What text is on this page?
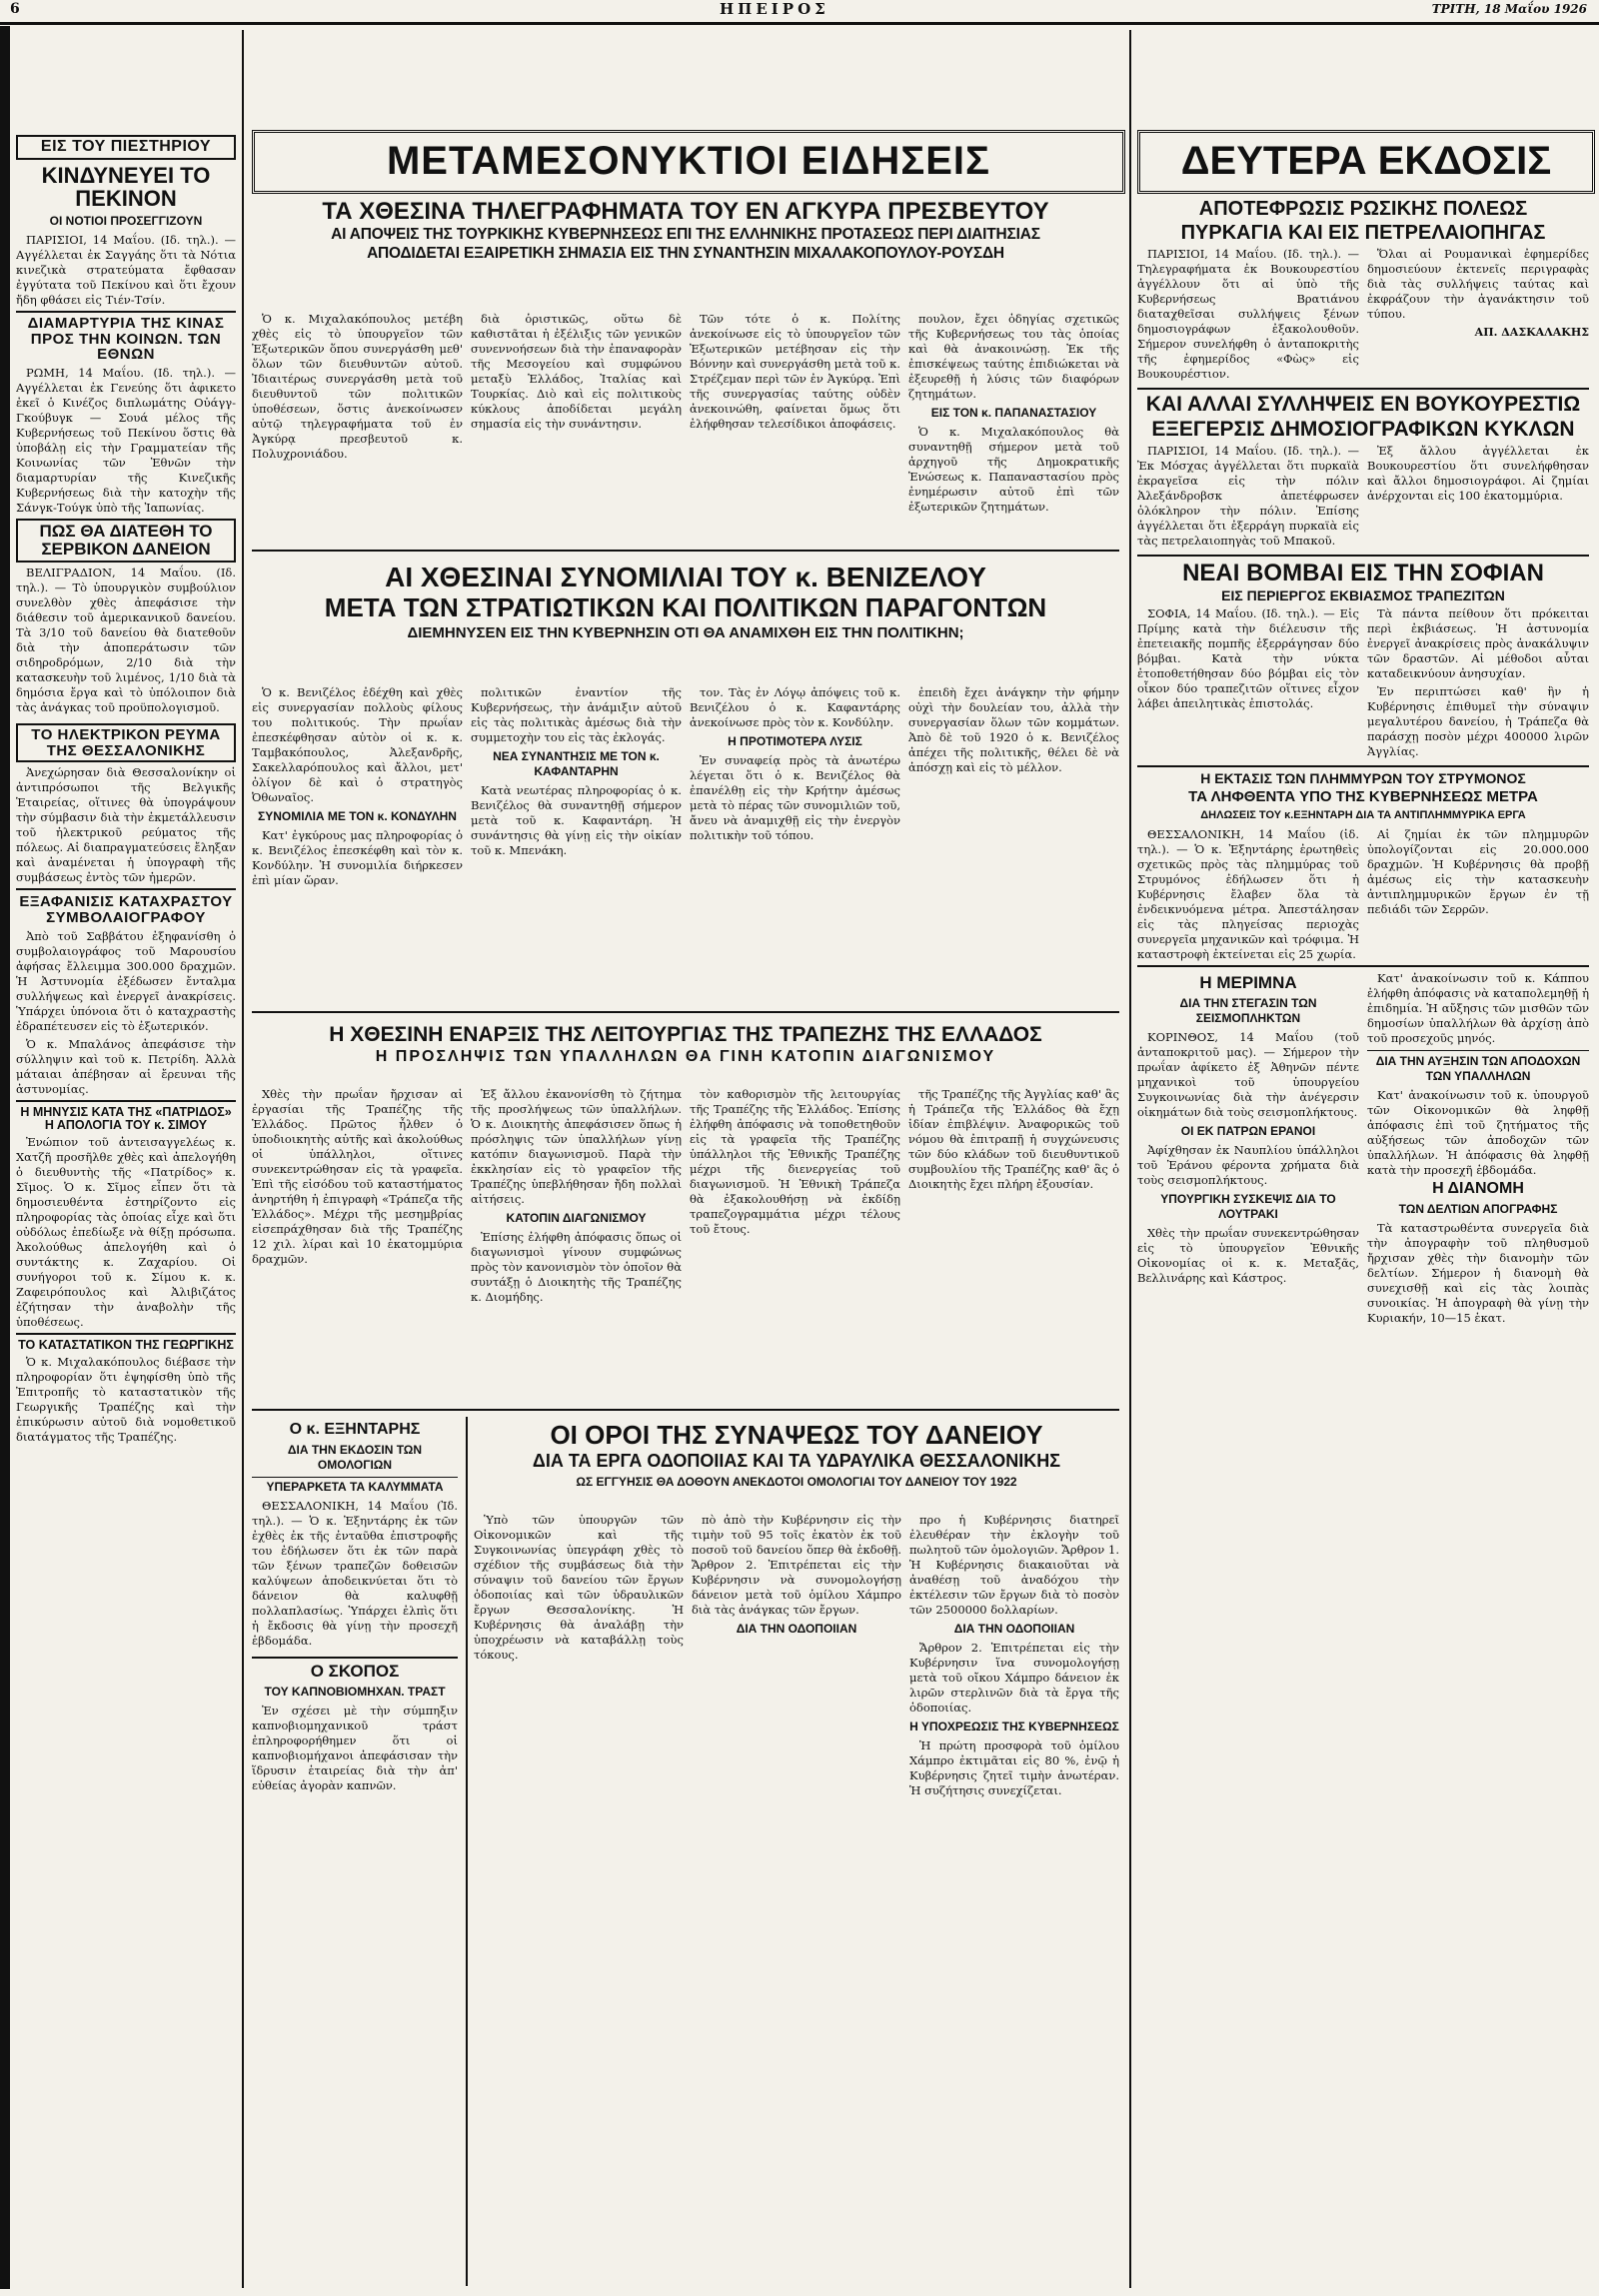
6	ΗΠΕΙΡΟΣ	ΤΡΙΤΗ, 18 Μαΐου 1926
ΕΙΣ ΤΟΥ ΠΙΕΣΤΗΡΙΟΥ
ΚΙΝΔΥΝΕΥΕΙ ΤΟ ΠΕΚΙΝΟΝ
ΟΙ ΝΟΤΙΟΙ ΠΡΟΣΕΓΓΙΖΟΥΝ

ΠΑΡΙΣΙΟΙ, 14 Μαΐου. (Ιδ. τηλ.). — Αγγέλλεται ἐκ Σαγγάης ὅτι τὰ Νότια κινεζικὰ στρατεύματα ἔφθασαν ἐγγύτατα τοῦ Πεκίνου καὶ ὅτι ἔχουν ἤδη φθάσει εἰς Τιέν-Τσίν.

ΔΙΑΜΑΡΤΥΡΙΑ ΤΗΣ ΚΙΝΑΣ ΠΡΟΣ ΤΗΝ ΚΟΙΝΩΝ. ΤΩΝ ΕΘΝΩΝ

ΡΩΜΗ, 14 Μαΐου. (Ιδ. τηλ.). — Αγγέλλεται ἐκ Γενεύης ὅτι ἀφικετο ἐκεῖ ὁ Κινέζος διπλωμάτης Οὐάγγ-Γκούβυγκ — Σουά μέλος τῆς Κυβερνήσεως τοῦ Πεκίνου ὅστις θὰ ὑποβάλῃ εἰς τὴν Γραμματείαν τῆς Κοινωνίας τῶν Ἐθνῶν τὴν διαμαρτυρίαν τῆς Κινεζικῆς Κυβερνήσεως διὰ τὴν κατοχὴν τῆς Σάνγκ-Τούγκ ὑπὸ τῆς Ἰαπωνίας.

ΠΩΣ ΘΑ ΔΙΑΤΕΘΗ ΤΟ ΣΕΡΒΙΚΟΝ ΔΑΝΕΙΟΝ

ΒΕΛΙΓΡΑΔΙΟΝ, 14 Μαΐου. (Ιδ. τηλ.). — Τὸ ὑπουργικὸν συμβούλιον συνελθὸν χθὲς ἀπεφάσισε τὴν διάθεσιν τοῦ ἀμερικανικοῦ δανείου. Τὰ 3/10 τοῦ δανείου θὰ διατεθοῦν διὰ τὴν ἀποπεράτωσιν τῶν σιδηροδρόμων, 2/10 διὰ τὴν κατασκευὴν τοῦ λιμένος, 1/10 διὰ τὰ δημόσια ἔργα καὶ τὸ ὑπόλοιπον διὰ τὰς ἀνάγκας τοῦ προϋπολογισμοῦ.

ΤΟ ΗΛΕΚΤΡΙΚΟΝ ΡΕΥΜΑ ΤΗΣ ΘΕΣΣΑΛΟΝΙΚΗΣ

Ἀνεχώρησαν διὰ Θεσσαλονίκην οἱ ἀντιπρόσωποι τῆς Βελγικῆς Ἑταιρείας, οἵτινες θὰ ὑπογράψουν τὴν σύμβασιν διὰ τὴν ἐκμετάλλευσιν τοῦ ἠλεκτρικοῦ ρεύματος τῆς πόλεως. Αἱ διαπραγματεύσεις ἔληξαν καὶ ἀναμένεται ἡ ὑπογραφὴ τῆς συμβάσεως ἐντὸς τῶν ἡμερῶν.

ΕΞΑΦΑΝΙΣΙΣ ΚΑΤΑΧΡΑΣΤΟΥ ΣΥΜΒΟΛΑΙΟΓΡΑΦΟΥ

Ἀπὸ τοῦ Σαββάτου ἐξηφανίσθη ὁ συμβολαιογράφος τοῦ Μαρουσίου ἀφήσας ἔλλειμμα 300.000 δραχμῶν. Ἡ Ἀστυνομία ἐξέδωσεν ἔνταλμα συλλήψεως καὶ ἐνεργεῖ ἀνακρίσεις. Ὑπάρχει ὑπόνοια ὅτι ὁ καταχραστὴς ἐδραπέτευσεν εἰς τὸ ἐξωτερικόν.

Ὁ κ. Μπαλάνος ἀπεφάσισε τὴν σύλληψιν καὶ τοῦ κ. Πετρίδη. Ἀλλὰ μάταιαι ἀπέβησαν αἱ ἔρευναι τῆς ἀστυνομίας.

Η ΜΗΝΥΣΙΣ ΚΑΤΑ ΤΗΣ «ΠΑΤΡΙΔΟΣ» Η ΑΠΟΛΟΓΙΑ ΤΟΥ κ. ΣΙΜΟΥ

Ἐνώπιον τοῦ ἀντεισαγγελέως κ. Χατζῆ προσῆλθε χθὲς καὶ ἀπελογήθη ὁ διευθυντὴς τῆς «Πατρίδος» κ. Σῖμος. Ὁ κ. Σῖμος εἶπεν ὅτι τὰ δημοσιευθέντα ἐστηρίζοντο εἰς πληροφορίας τὰς ὁποίας εἶχε καὶ ὅτι οὐδόλως ἐπεδίωξε νὰ θίξῃ πρόσωπα. Ἀκολούθως ἀπελογήθη καὶ ὁ συντάκτης κ. Ζαχαρίου. Οἱ συνήγοροι τοῦ κ. Σίμου κ. κ. Ζαφειρόπουλος καὶ Ἀλιβιζάτος ἐζήτησαν τὴν ἀναβολὴν τῆς ὑποθέσεως.

ΤΟ ΚΑΤΑΣΤΑΤΙΚΟΝ ΤΗΣ ΓΕΩΡΓΙΚΗΣ

Ὁ κ. Μιχαλακόπουλος διέβασε τὴν πληροφορίαν ὅτι ἐψηφίσθη ὑπὸ τῆς Ἐπιτροπῆς τὸ καταστατικὸν τῆς Γεωργικῆς Τραπέζης καὶ τὴν ἐπικύρωσιν αὐτοῦ διὰ νομοθετικοῦ διατάγματος τῆς Τραπέζης.

ΜΕΤΑΜΕΣΟΝΥΚΤΙΟΙ ΕΙΔΗΣΕΙΣ
ΤΑ ΧΘΕΣΙΝΑ ΤΗΛΕΓΡΑΦΗΜΑΤΑ ΤΟΥ ΕΝ ΑΓΚΥΡΑ ΠΡΕΣΒΕΥΤΟΥ
ΑΙ ΑΠΟΨΕΙΣ ΤΗΣ ΤΟΥΡΚΙΚΗΣ ΚΥΒΕΡΝΗΣΕΩΣ ΕΠΙ ΤΗΣ ΕΛΛΗΝΙΚΗΣ ΠΡΟΤΑΣΕΩΣ ΠΕΡΙ ΔΙΑΙΤΗΣΙΑΣ
ΑΠΟΔΙΔΕΤΑΙ ΕΞΑΙΡΕΤΙΚΗ ΣΗΜΑΣΙΑ ΕΙΣ ΤΗΝ ΣΥΝΑΝΤΗΣΙΝ ΜΙΧΑΛΑΚΟΠΟΥΛΟΥ-ΡΟΥΣΔΗ

Ὁ κ. Μιχαλακόπουλος μετέβη χθὲς εἰς τὸ ὑπουργεῖον τῶν Ἐξωτερικῶν ὅπου συνεργάσθη μεθ' ὅλων τῶν διευθυντῶν αὐτοῦ. Ἰδιαιτέρως συνεργάσθη μετὰ τοῦ διευθυντοῦ τῶν πολιτικῶν ὑποθέσεων, ὅστις ἀνεκοίνωσεν αὐτῷ τηλεγραφήματα τοῦ ἐν Ἀγκύρᾳ πρεσβευτοῦ κ. Πολυχρονιάδου.

διὰ ὁριστικῶς, οὕτω δὲ καθιστᾶται ἡ ἐξέλιξις τῶν γενικῶν συνεννοήσεων διὰ τὴν ἐπαναφορὰν τῆς Μεσογείου καὶ συμφώνου μεταξὺ Ἑλλάδος, Ἰταλίας καὶ Τουρκίας. Διὸ καὶ εἰς πολιτικοὺς κύκλους ἀποδίδεται μεγάλη σημασία εἰς τὴν συνάντησιν.

Τῶν τότε ὁ κ. Πολίτης ἀνεκοίνωσε εἰς τὸ ὑπουργεῖον τῶν Ἐξωτερικῶν μετέβησαν εἰς τὴν Βόννην καὶ συνεργάσθη μετὰ τοῦ κ. Στρέζεμαν περὶ τῶν ἐν Ἀγκύρᾳ. Ἐπὶ τῆς συνεργασίας ταύτης οὐδὲν ἀνεκοινώθη, φαίνεται ὅμως ὅτι ἐλήφθησαν τελεσίδικοι ἀποφάσεις.

πουλον, ἔχει ὁδηγίας σχετικῶς τῆς Κυβερνήσεως του τὰς ὁποίας καὶ θὰ ἀνακοινώσῃ. Ἐκ τῆς ἐπισκέψεως ταύτης ἐπιδιώκεται νὰ ἐξευρεθῇ ἡ λύσις τῶν διαφόρων ζητημάτων.

ΕΙΣ ΤΟΝ κ. ΠΑΠΑΝΑΣΤΑΣΙΟΥ

Ὁ κ. Μιχαλακόπουλος θὰ συναντηθῇ σήμερον μετὰ τοῦ ἀρχηγοῦ τῆς Δημοκρατικῆς Ἑνώσεως κ. Παπαναστασίου πρὸς ἐνημέρωσιν αὐτοῦ ἐπὶ τῶν ἐξωτερικῶν ζητημάτων.

ΑΙ ΧΘΕΣΙΝΑΙ ΣΥΝΟΜΙΛΙΑΙ ΤΟΥ κ. ΒΕΝΙΖΕΛΟΥ
ΜΕΤΑ ΤΩΝ ΣΤΡΑΤΙΩΤΙΚΩΝ ΚΑΙ ΠΟΛΙΤΙΚΩΝ ΠΑΡΑΓΟΝΤΩΝ
ΔΙΕΜΗΝΥΣΕΝ ΕΙΣ ΤΗΝ ΚΥΒΕΡΝΗΣΙΝ ΟΤΙ ΘΑ ΑΝΑΜΙΧΘΗ ΕΙΣ ΤΗΝ ΠΟΛΙΤΙΚΗΝ;

Ὁ κ. Βενιζέλος ἐδέχθη καὶ χθὲς εἰς συνεργασίαν πολλοὺς φίλους του πολιτικούς. Τὴν πρωΐαν ἐπεσκέφθησαν αὐτὸν οἱ κ. κ. Ταμβακόπουλος, Ἀλεξανδρῆς, Σακελλαρόπουλος καὶ ἄλλοι, μετ' ὀλίγον δὲ καὶ ὁ στρατηγὸς Ὀθωναῖος.

ΣΥΝΟΜΙΛΙΑ ΜΕ ΤΟΝ κ. ΚΟΝΔΥΛΗΝ

Κατ' ἐγκύρους μας πληροφορίας ὁ κ. Βενιζέλος ἐπεσκέφθη καὶ τὸν κ. Κονδύλην. Ἡ συνομιλία διήρκεσεν ἐπὶ μίαν ὥραν.

πολιτικῶν ἐναντίον τῆς Κυβερνήσεως, τὴν ἀνάμιξιν αὐτοῦ εἰς τὰς πολιτικὰς ἀμέσως διὰ τὴν συμμετοχὴν του εἰς τὰς ἐκλογάς.

ΝΕΑ ΣΥΝΑΝΤΗΣΙΣ ΜΕ ΤΟΝ κ. ΚΑΦΑΝΤΑΡΗΝ

Κατὰ νεωτέρας πληροφορίας ὁ κ. Βενιζέλος θὰ συναντηθῇ σήμερον μετὰ τοῦ κ. Καφαντάρη. Ἡ συνάντησις θὰ γίνῃ εἰς τὴν οἰκίαν τοῦ κ. Μπενάκη.

τον. Τὰς ἐν Λόγῳ ἀπόψεις τοῦ κ. Βενιζέλου ὁ κ. Καφαντάρης ἀνεκοίνωσε πρὸς τὸν κ. Κονδύλην.

Η ΠΡΟΤΙΜΟΤΕΡΑ ΛΥΣΙΣ

Ἐν συναφείᾳ πρὸς τὰ ἀνωτέρω λέγεται ὅτι ὁ κ. Βενιζέλος θὰ ἐπανέλθῃ εἰς τὴν Κρήτην ἀμέσως μετὰ τὸ πέρας τῶν συνομιλιῶν τοῦ, ἄνευ νὰ ἀναμιχθῇ εἰς τὴν ἐνεργὸν πολιτικὴν τοῦ τόπου.

ἐπειδὴ ἔχει ἀνάγκην τὴν φήμην οὐχὶ τὴν δουλείαν του, ἀλλὰ τὴν συνεργασίαν ὅλων τῶν κομμάτων. Ἀπὸ δὲ τοῦ 1920 ὁ κ. Βενιζέλος ἀπέχει τῆς πολιτικῆς, θέλει δὲ νὰ ἀπόσχῃ καὶ εἰς τὸ μέλλον.

Η ΧΘΕΣΙΝΗ ΕΝΑΡΞΙΣ ΤΗΣ ΛΕΙΤΟΥΡΓΙΑΣ ΤΗΣ ΤΡΑΠΕΖΗΣ ΤΗΣ ΕΛΛΑΔΟΣ
Η ΠΡΟΣΛΗΨΙΣ ΤΩΝ ΥΠΑΛΛΗΛΩΝ ΘΑ ΓΙΝΗ ΚΑΤΟΠΙΝ ΔΙΑΓΩΝΙΣΜΟΥ

Χθὲς τὴν πρωΐαν ἤρχισαν αἱ ἐργασίαι τῆς Τραπέζης τῆς Ἑλλάδος. Πρῶτος ἦλθεν ὁ ὑποδιοικητὴς αὐτῆς καὶ ἀκολούθως οἱ ὑπάλληλοι, οἵτινες συνεκεντρώθησαν εἰς τὰ γραφεῖα. Ἐπὶ τῆς εἰσόδου τοῦ καταστήματος ἀνηρτήθη ἡ ἐπιγραφὴ «Τράπεζα τῆς Ἑλλάδος». Μέχρι τῆς μεσημβρίας εἰσεπράχθησαν διὰ τῆς Τραπέζης 12 χιλ. λίραι καὶ 10 ἑκατομμύρια δραχμῶν.

Ἐξ ἄλλου ἐκανονίσθη τὸ ζήτημα τῆς προσλήψεως τῶν ὑπαλλήλων. Ὁ κ. Διοικητὴς ἀπεφάσισεν ὅπως ἡ πρόσληψις τῶν ὑπαλλήλων γίνῃ κατόπιν διαγωνισμοῦ. Παρὰ τὴν ἐκκλησίαν εἰς τὸ γραφεῖον τῆς Τραπέζης ὑπεβλήθησαν ἤδη πολλαὶ αἰτήσεις.

ΚΑΤΟΠΙΝ ΔΙΑΓΩΝΙΣΜΟΥ

Ἐπίσης ἐλήφθη ἀπόφασις ὅπως οἱ διαγωνισμοὶ γίνουν συμφώνως πρὸς τὸν κανονισμὸν τὸν ὁποῖον θὰ συντάξῃ ὁ Διοικητὴς τῆς Τραπέζης κ. Διομήδης.

τὸν καθορισμὸν τῆς λειτουργίας τῆς Τραπέζης τῆς Ἑλλάδος. Ἐπίσης ἐλήφθη ἀπόφασις νὰ τοποθετηθοῦν εἰς τὰ γραφεῖα τῆς Τραπέζης ὑπάλληλοι τῆς Ἐθνικῆς Τραπέζης μέχρι τῆς διενεργείας τοῦ διαγωνισμοῦ. Ἡ Ἐθνικὴ Τράπεζα θὰ ἐξακολουθήσῃ νὰ ἐκδίδῃ τραπεζογραμμάτια μέχρι τέλους τοῦ ἔτους.

τῆς Τραπέζης τῆς Ἀγγλίας καθ' ἃς ἡ Τράπεζα τῆς Ἑλλάδος θὰ ἔχῃ ἰδίαν ἐπιβλέψιν. Ἀναφορικῶς τοῦ νόμου θὰ ἐπιτραπῇ ἡ συγχώνευσις τῶν δύο κλάδων τοῦ διευθυντικοῦ συμβουλίου τῆς Τραπέζης καθ' ἃς ὁ Διοικητὴς ἔχει πλήρη ἐξουσίαν.

Ο κ. ΕΞΗΝΤΑΡΗΣ
ΔΙΑ ΤΗΝ ΕΚΔΟΣΙΝ ΤΩΝ ΟΜΟΛΟΓΙΩΝ
ΥΠΕΡΑΡΚΕΤΑ ΤΑ ΚΑΛΥΜΜΑΤΑ

ΘΕΣΣΑΛΟΝΙΚΗ, 14 Μαΐου (Ἰδ. τηλ.). — Ὁ κ. Ἐξηντάρης ἐκ τῶν ἐχθὲς ἐκ τῆς ἐνταῦθα ἐπιστροφῆς του ἐδήλωσεν ὅτι ἐκ τῶν παρὰ τῶν ξένων τραπεζῶν δοθεισῶν καλύψεων ἀποδεικνύεται ὅτι τὸ δάνειον θὰ καλυφθῇ πολλαπλασίως. Ὑπάρχει ἐλπὶς ὅτι ἡ ἔκδοσις θὰ γίνῃ τὴν προσεχῆ ἑβδομάδα.

Ο ΣΚΟΠΟΣ
ΤΟΥ ΚΑΠΝΟΒΙΟΜΗΧΑΝ. ΤΡΑΣΤ

Ἐν σχέσει μὲ τὴν σύμπηξιν καπνοβιομηχανικοῦ τράστ ἐπληροφορήθημεν ὅτι οἱ καπνοβιομήχανοι ἀπεφάσισαν τὴν ἵδρυσιν ἑταιρείας διὰ τὴν ἀπ' εὐθείας ἀγορὰν καπνῶν.

ΟΙ ΟΡΟΙ ΤΗΣ ΣΥΝΑΨΕΩΣ ΤΟΥ ΔΑΝΕΙΟΥ
ΔΙΑ ΤΑ ΕΡΓΑ ΟΔΟΠΟΙΙΑΣ ΚΑΙ ΤΑ ΥΔΡΑΥΛΙΚΑ ΘΕΣΣΑΛΟΝΙΚΗΣ
ΩΣ ΕΓΓΥΗΣΙΣ ΘΑ ΔΟΘΟΥΝ ΑΝΕΚΔΟΤΟΙ ΟΜΟΛΟΓΙΑΙ ΤΟΥ ΔΑΝΕΙΟΥ ΤΟΥ 1922

Ὑπὸ τῶν ὑπουργῶν τῶν Οἰκονομικῶν καὶ τῆς Συγκοινωνίας ὑπεγράφη χθὲς τὸ σχέδιον τῆς συμβάσεως διὰ τὴν σύναψιν τοῦ δανείου τῶν ἔργων ὁδοποιίας καὶ τῶν ὑδραυλικῶν ἔργων Θεσσαλονίκης. Ἡ Κυβέρνησις θὰ ἀναλάβῃ τὴν ὑποχρέωσιν νὰ καταβάλλῃ τοὺς τόκους.

πὸ ἀπὸ τὴν Κυβέρνησιν εἰς τὴν τιμὴν τοῦ 95 τοῖς ἑκατὸν ἐκ τοῦ ποσοῦ τοῦ δανείου ὅπερ θὰ ἐκδοθῇ. Ἄρθρον 2. Ἐπιτρέπεται εἰς τὴν Κυβέρνησιν νὰ συνομολογήσῃ δάνειον μετὰ τοῦ ὁμίλου Χάμπρο διὰ τὰς ἀνάγκας τῶν ἔργων.

ΔΙΑ ΤΗΝ ΟΔΟΠΟΙΙΑΝ

προ ἡ Κυβέρνησις διατηρεῖ ἐλευθέραν τὴν ἐκλογὴν τοῦ πωλητοῦ τῶν ὁμολογιῶν. Ἄρθρον 1. Ἡ Κυβέρνησις διακαιοῦται νὰ ἀναθέσῃ τοῦ ἀναδόχου τὴν ἐκτέλεσιν τῶν ἔργων διὰ τὸ ποσὸν τῶν 2500000 δολλαρίων.

ΔΙΑ ΤΗΝ ΟΔΟΠΟΙΙΑΝ

Ἄρθρον 2. Ἐπιτρέπεται εἰς τὴν Κυβέρνησιν ἵνα συνομολογήσῃ μετὰ τοῦ οἴκου Χάμπρο δάνειον ἐκ λιρῶν στερλινῶν διὰ τὰ ἔργα τῆς ὁδοποιίας.

Η ΥΠΟΧΡΕΩΣΙΣ ΤΗΣ ΚΥΒΕΡΝΗΣΕΩΣ

Ἡ πρώτη προσφορὰ τοῦ ὁμίλου Χάμπρο ἐκτιμᾶται εἰς 80 %, ἐνῷ ἡ Κυβέρνησις ζητεῖ τιμὴν ἀνωτέραν. Ἡ συζήτησις συνεχίζεται.

ΔΕΥΤΕΡΑ ΕΚΔΟΣΙΣ
ΑΠΟΤΕΦΡΩΣΙΣ ΡΩΣΙΚΗΣ ΠΟΛΕΩΣ
ΠΥΡΚΑΓΙΑ ΚΑΙ ΕΙΣ ΠΕΤΡΕΛΑΙΟΠΗΓΑΣ

ΠΑΡΙΣΙΟΙ, 14 Μαΐου. (Ιδ. τηλ.). — Τηλεγραφήματα ἐκ Βουκουρεστίου ἀγγέλλουν ὅτι αἱ ὑπὸ τῆς Κυβερνήσεως Βρατιάνου διαταχθεῖσαι συλλήψεις ξένων δημοσιογράφων ἐξακολουθοῦν. Σήμερον συνελήφθη ὁ ἀνταποκριτὴς τῆς ἐφημερίδος «Φὼς» εἰς Βουκουρέστιον.

Ὅλαι αἱ Ρουμανικαὶ ἐφημερίδες δημοσιεύουν ἐκτενεῖς περιγραφὰς διὰ τὰς συλλήψεις ταύτας καὶ ἐκφράζουν τὴν ἀγανάκτησιν τοῦ τύπου.

ΑΠ. ΔΑΣΚΑΛΑΚΗΣ
ΚΑΙ ΑΛΛΑΙ ΣΥΛΛΗΨΕΙΣ ΕΝ ΒΟΥΚΟΥΡΕΣΤΙΩ
ΕΞΕΓΕΡΣΙΣ ΔΗΜΟΣΙΟΓΡΑΦΙΚΩΝ ΚΥΚΛΩΝ

ΠΑΡΙΣΙΟΙ, 14 Μαΐου. (Ιδ. τηλ.). — Ἐκ Μόσχας ἀγγέλλεται ὅτι πυρκαϊὰ ἐκραγεῖσα εἰς τὴν πόλιν Ἀλεξάνδροβσκ ἀπετέφρωσεν ὁλόκληρον τὴν πόλιν. Ἐπίσης ἀγγέλλεται ὅτι ἐξερράγη πυρκαϊὰ εἰς τὰς πετρελαιοπηγὰς τοῦ Μπακοῦ.

Ἐξ ἄλλου ἀγγέλλεται ἐκ Βουκουρεστίου ὅτι συνελήφθησαν καὶ ἄλλοι δημοσιογράφοι. Αἱ ζημίαι ἀνέρχονται εἰς 100 ἑκατομμύρια.

ΝΕΑΙ ΒΟΜΒΑΙ ΕΙΣ ΤΗΝ ΣΟΦΙΑΝ
ΕΙΣ ΠΕΡΙΕΡΓΟΣ ΕΚΒΙΑΣΜΟΣ ΤΡΑΠΕΖΙΤΩΝ

ΣΟΦΙΑ, 14 Μαΐου. (Ιδ. τηλ.). — Εἰς Πρίμης κατὰ τὴν διέλευσιν τῆς ἐπετειακῆς πομπῆς ἐξερράγησαν δύο βόμβαι. Κατὰ τὴν νύκτα ἐτοποθετήθησαν δύο βόμβαι εἰς τὸν οἶκον δύο τραπεζιτῶν οἵτινες εἶχον λάβει ἀπειλητικὰς ἐπιστολάς.

Τὰ πάντα πείθουν ὅτι πρόκειται περὶ ἐκβιάσεως. Ἡ ἀστυνομία ἐνεργεῖ ἀνακρίσεις πρὸς ἀνακάλυψιν τῶν δραστῶν. Αἱ μέθοδοι αὗται καταδεικνύουν ἀνησυχίαν.

Ἐν περιπτώσει καθ' ἣν ἡ Κυβέρνησις ἐπιθυμεῖ τὴν σύναψιν μεγαλυτέρου δανείου, ἡ Τράπεζα θὰ παράσχῃ ποσὸν μέχρι 400000 λιρῶν Ἀγγλίας.

Η ΕΚΤΑΣΙΣ ΤΩΝ ΠΛΗΜΜΥΡΩΝ ΤΟΥ ΣΤΡΥΜΟΝΟΣ
ΤΑ ΛΗΦΘΕΝΤΑ ΥΠΟ ΤΗΣ ΚΥΒΕΡΝΗΣΕΩΣ ΜΕΤΡΑ
ΔΗΛΩΣΕΙΣ ΤΟΥ κ.ΕΞΗΝΤΑΡΗ ΔΙΑ ΤΑ ΑΝΤΙΠΛΗΜΜΥΡΙΚΑ ΕΡΓΑ

ΘΕΣΣΑΛΟΝΙΚΗ, 14 Μαΐου (ἰδ. τηλ.). — Ὁ κ. Ἐξηντάρης ἐρωτηθεὶς σχετικῶς πρὸς τὰς πλημμύρας τοῦ Στρυμόνος ἐδήλωσεν ὅτι ἡ Κυβέρνησις ἔλαβεν ὅλα τὰ ἐνδεικνυόμενα μέτρα. Ἀπεστάλησαν εἰς τὰς πληγείσας περιοχὰς συνεργεῖα μηχανικῶν καὶ τρόφιμα. Ἡ καταστροφὴ ἐκτείνεται εἰς 25 χωρία.

Αἱ ζημίαι ἐκ τῶν πλημμυρῶν ὑπολογίζονται εἰς 20.000.000 δραχμῶν. Ἡ Κυβέρνησις θὰ προβῇ ἀμέσως εἰς τὴν κατασκευὴν ἀντιπλημμυρικῶν ἔργων ἐν τῇ πεδιάδι τῶν Σερρῶν.

Η ΜΕΡΙΜΝΑ
ΔΙΑ ΤΗΝ ΣΤΕΓΑΣΙΝ ΤΩΝ ΣΕΙΣΜΟΠΛΗΚΤΩΝ

ΚΟΡΙΝΘΟΣ, 14 Μαΐου (τοῦ ἀνταποκριτοῦ μας). — Σήμερον τὴν πρωΐαν ἀφίκετο ἐξ Ἀθηνῶν πέντε μηχανικοὶ τοῦ ὑπουργείου Συγκοινωνίας διὰ τὴν ἀνέγερσιν οἰκημάτων διὰ τοὺς σεισμοπλήκτους.

ΟΙ ΕΚ ΠΑΤΡΩΝ ΕΡΑΝΟΙ

Ἀφίχθησαν ἐκ Ναυπλίου ὑπάλληλοι τοῦ Ἐράνου φέροντα χρήματα διὰ τοὺς σεισμοπλήκτους.

ΥΠΟΥΡΓΙΚΗ ΣΥΣΚΕΨΙΣ ΔΙΑ ΤΟ ΛΟΥΤΡΑΚΙ

Χθὲς τὴν πρωΐαν συνεκεντρώθησαν εἰς τὸ ὑπουργεῖον Ἐθνικῆς Οἰκονομίας οἱ κ. κ. Μεταξᾶς, Βελλινάρης καὶ Κάστρος.

Κατ' ἀνακοίνωσιν τοῦ κ. Κάππου ἐλήφθη ἀπόφασις νὰ καταπολεμηθῇ ἡ ἐπιδημία. Ἡ αὔξησις τῶν μισθῶν τῶν δημοσίων ὑπαλλήλων θὰ ἀρχίσῃ ἀπὸ τοῦ προσεχοῦς μηνός.

ΔΙΑ ΤΗΝ ΑΥΞΗΣΙΝ ΤΩΝ ΑΠΟΔΟΧΩΝ ΤΩΝ ΥΠΑΛΛΗΛΩΝ

Κατ' ἀνακοίνωσιν τοῦ κ. ὑπουργοῦ τῶν Οἰκονομικῶν θὰ ληφθῇ ἀπόφασις ἐπὶ τοῦ ζητήματος τῆς αὐξήσεως τῶν ἀποδοχῶν τῶν ὑπαλλήλων. Ἡ ἀπόφασις θὰ ληφθῇ κατὰ τὴν προσεχῆ ἑβδομάδα.

Η ΔΙΑΝΟΜΗ
ΤΩΝ ΔΕΛΤΙΩΝ ΑΠΟΓΡΑΦΗΣ

Τὰ καταστρωθέντα συνεργεῖα διὰ τὴν ἀπογραφὴν τοῦ πληθυσμοῦ ἤρχισαν χθὲς τὴν διανομὴν τῶν δελτίων. Σήμερον ἡ διανομὴ θὰ συνεχισθῇ καὶ εἰς τὰς λοιπὰς συνοικίας. Ἡ ἀπογραφὴ θὰ γίνῃ τὴν Κυριακήν, 10—15 ἑκατ.
